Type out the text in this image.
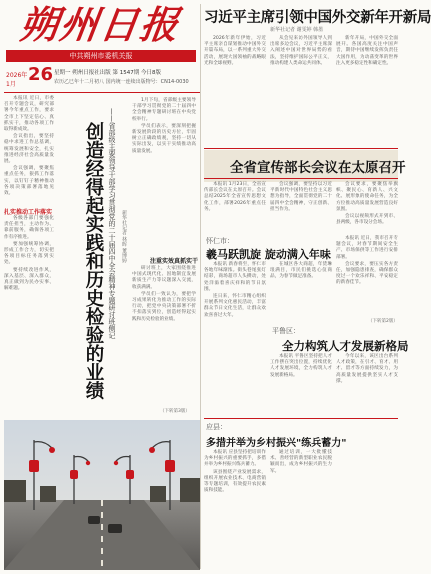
朔州日报
中共朔州市委机关报
2026年 26
1月
星期一 朔州日报社出版 第 1547期 今日8版
农历乙巳年十二月初八 国内统一连续出版物号：CN14-0030
习近平主席引领中国外交新年开新局
新华社记者 谢雯婷 韩墨

2026年新年伊始，习近平主席亲自谋划推动中国外交开篇布局，以一系列重大外交活动，展现大国领袖的战略眼光和全球视野。

从会见来访外国领导人到出席多边会议，习近平主席深入阐述中国对世界局势的看法，坚持维护国际公平正义，推动构建人类命运共同体。

新年开局，中国外交全面展开。各国高度关注中国声音，期待中国继续发挥负责任大国作用，为动荡变革的世界注入更多稳定性和确定性。

本报讯 近日，市委召开专题会议，研究部署今年重点工作，要求全市上下坚定信心、真抓实干，推动各项工作取得新成效。

会议指出，要坚持稳中求进工作总基调，统筹发展和安全，扎实推进经济社会高质量发展。

会议强调，要聚焦重点任务，狠抓工作落实，以钉钉子精神推动各项决策部署落地见效。

扎实推动工作落实

各级各部门要强化责任担当，主动作为、靠前服务，确保各项工作有序推进。

要加强统筹协调，形成工作合力，切实把各项目标任务落到实处。

要持续改进作风，深入基层、深入群众，真正做到为民办实事、解难题。	创造经得起实践和历史检验的业绩 ——省部级主要领导干部学习贯彻党的二十届四中全会精神专题研讨班侧记 新华社记者 林晖 董博婷

1月下旬，省部级主要领导干部学习贯彻党的二十届四中全会精神专题研讨班在中央党校举行。

学员们表示，要深刻把握新发展阶段的历史方位，牢固树立正确政绩观，坚持一切从实际出发，以实干实绩推动高质量发展。

注重实效真抓实干

研讨班上，大家围绕推进中国式现代化、因地制宜发展新质生产力等议题深入交流，收获满满。

学员们一致认为，要把学习成果转化为推动工作的实际行动，把党中央决策部署不折不扣落实到位，创造经得起实践和历史检验的业绩。

（下转第3版）
全省宣传部长会议在太原召开

本报讯 1月23日，全省宣传部长会议在太原召开。会议总结2025年全省宣传思想文化工作，部署2026年重点任务。

会议强调，要坚持以习近平新时代中国特色社会主义思想为指导，全面贯彻党的二十届四中全会精神，守正创新、担当作为。

会议要求，要聚焦举旗帜、聚民心、育新人、兴文化、展形象的使命任务，为全方位推动高质量发展营造良好氛围。

会议以视频形式开到市、县两级，各市设分会场。

怀仁市：
羲马跃凯旋 旋动满入年味

本报讯 新春将至，怀仁市各地年味渐浓。街头巷尾张灯结彩，商场超市人头攒动，处处洋溢着喜庆祥和的节日氛围。

连日来，怀仁市精心组织开展系列文化惠民活动，丰富群众节日文化生活，让群众欢欢喜喜过大年。

在城区各大商超，年货琳琅满目，市民们挑选心仪商品，为春节做足准备。

平鲁区：
全力构筑人才发展新格局

本报讯 平鲁区坚持把人才工作摆在突出位置，持续优化人才发展环境，全力构筑人才发展新格局。

今年以来，该区出台系列人才政策，在引才、育才、用才、留才等方面持续发力，为高质量发展提供坚实人才支撑。

本报讯 近日，我市召开专题会议，对春节期间安全生产、市场保供等工作进行安排部署。

会议要求，要压实各方责任，加强隐患排查，确保群众度过一个欢乐祥和、平安稳定的新春佳节。

（下转第2版）
应县：
多措并举为乡村振兴"练兵蓄力"

本报讯 应县坚持把培训作为乡村振兴的重要抓手，多措并举为乡村振兴练兵蓄力。

该县围绕产业发展需求，组织开展农业技术、电商营销等专题培训，有效提升农民素质和技能。

通过培训，一大批懂技术、善经营的新型职业农民脱颖而出，成为乡村振兴的生力军。
